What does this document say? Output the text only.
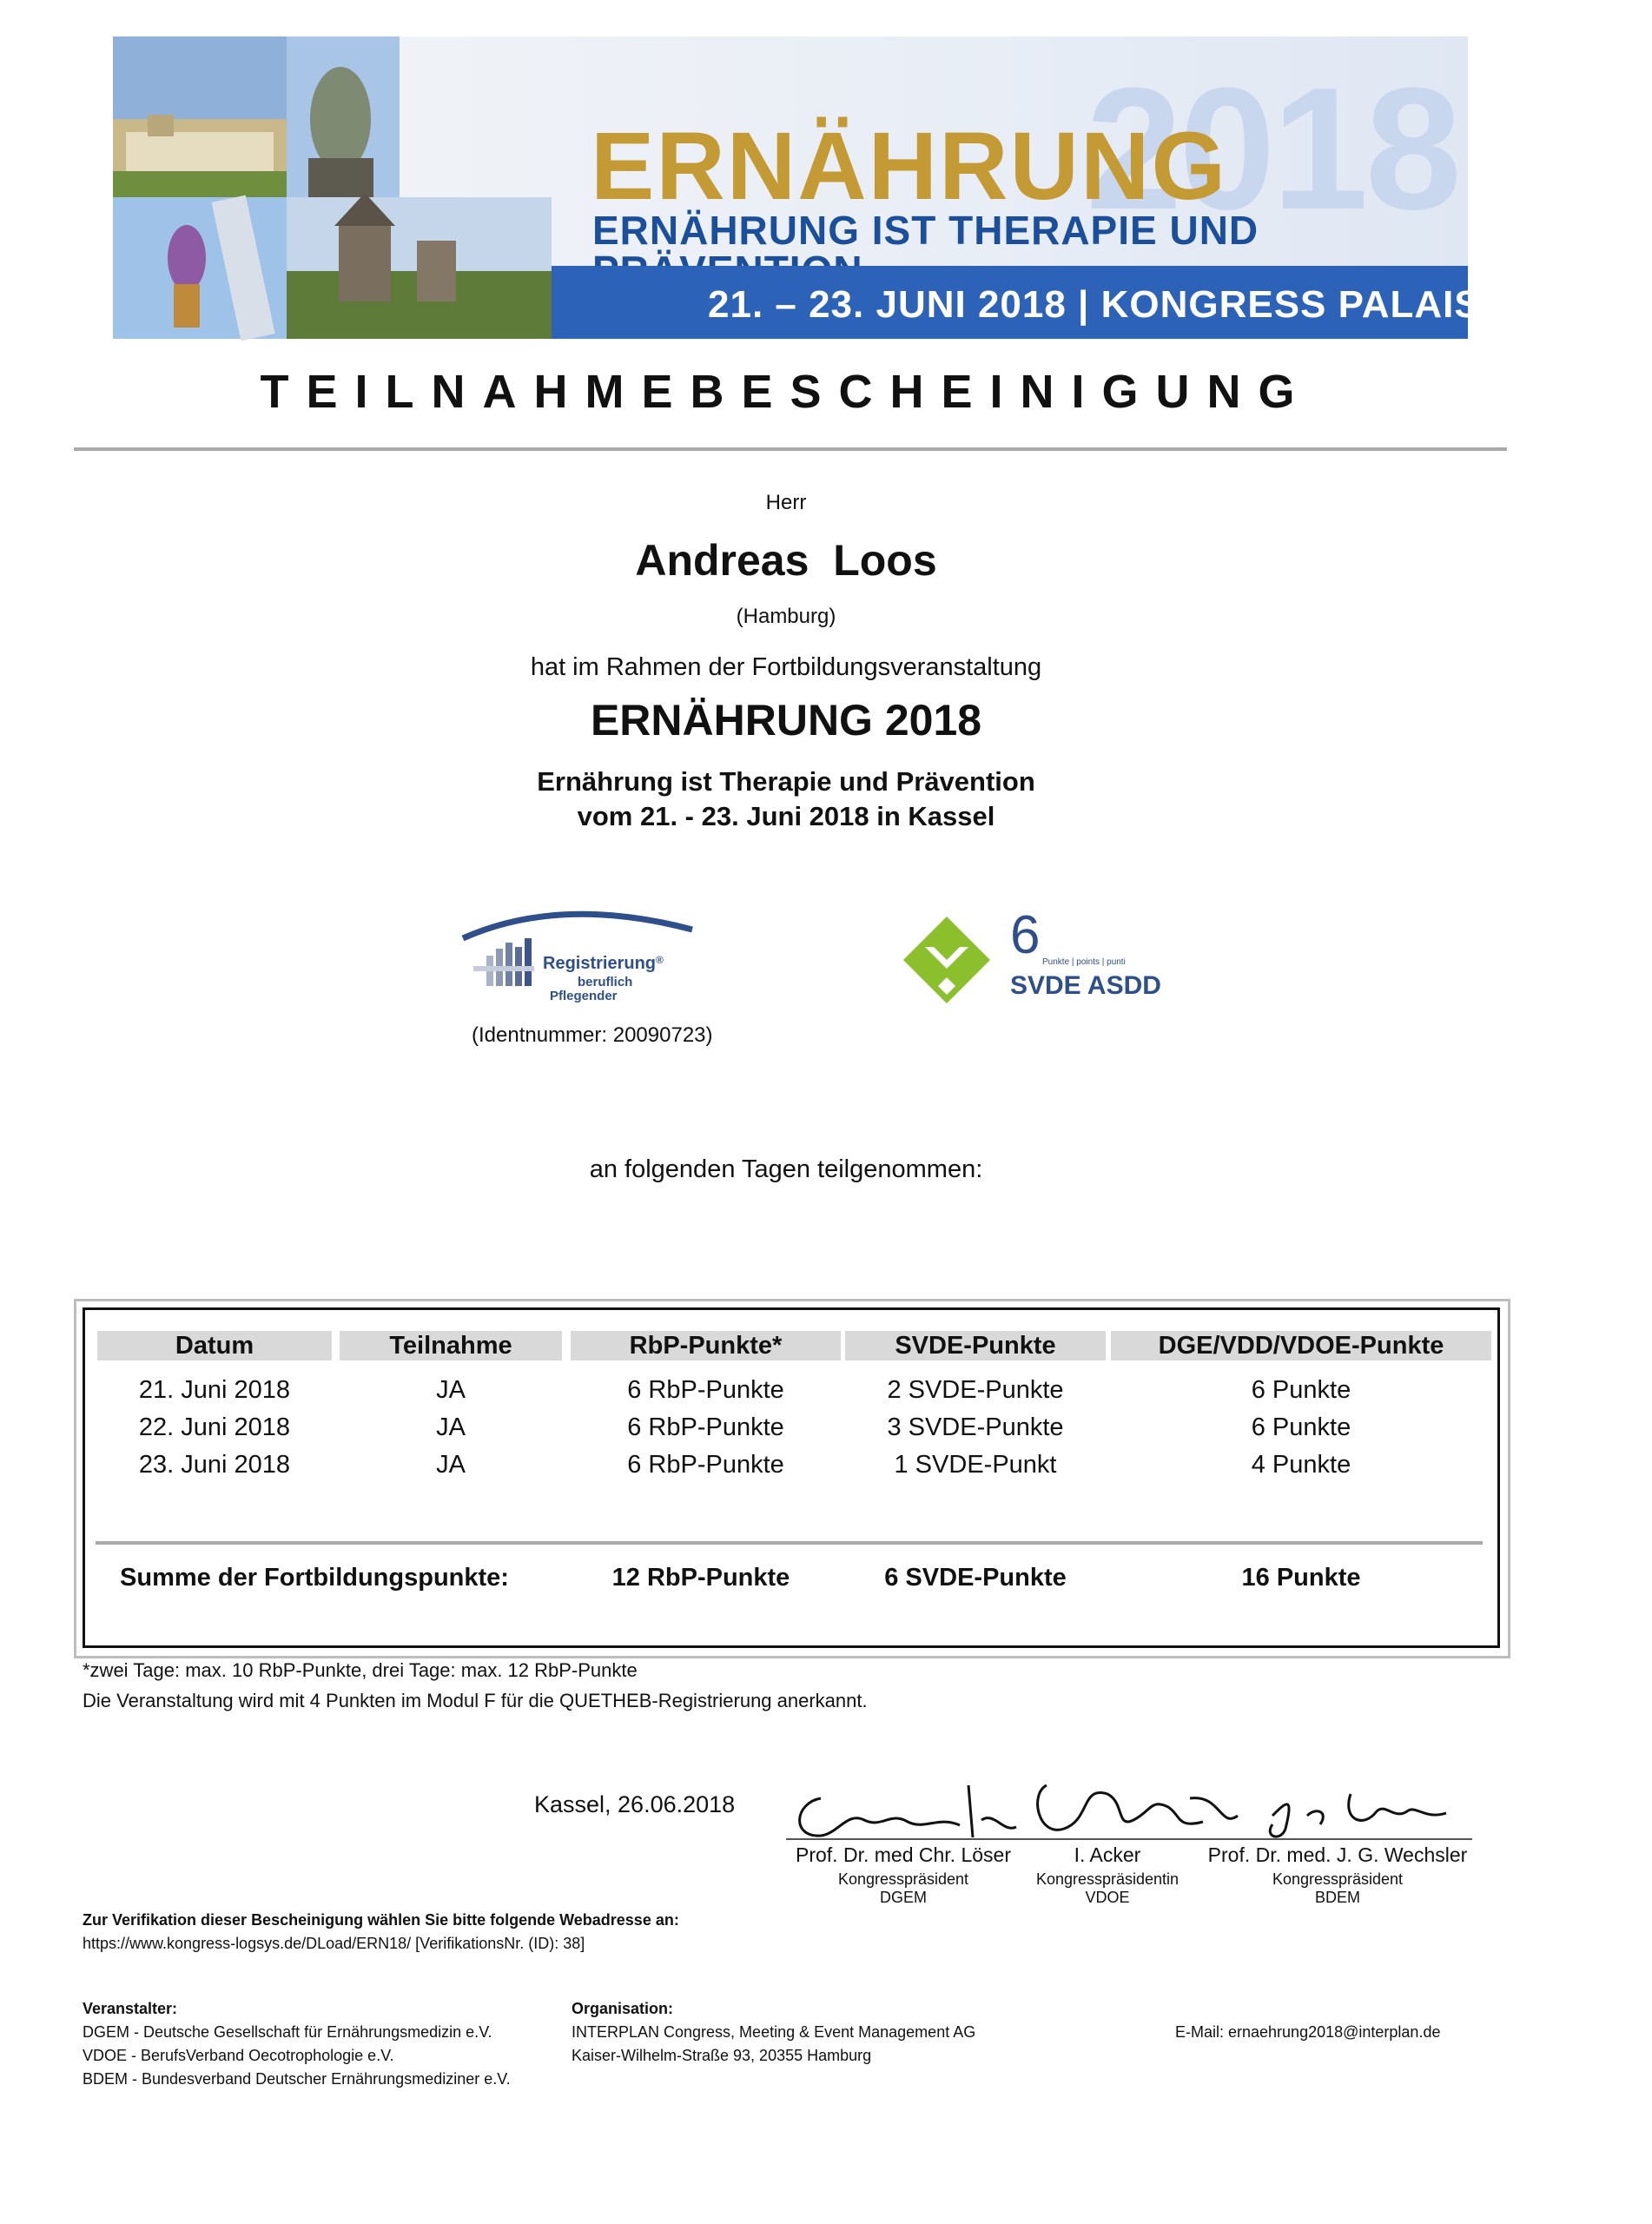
2018
ERNÄHRUNG
ERNÄHRUNG IST THERAPIE UND
21. – 23. JUNI 2018 | KONGRESS PALAIS KASSEL
TEILNAHMEBESCHEINIGUNG
Herr
Andreas  Loos
(Hamburg)
hat im Rahmen der Fortbildungsveranstaltung
ERNÄHRUNG 2018
Ernährung ist Therapie und Prävention
vom 21. - 23. Juni 2018 in Kassel
Registrierung®
beruflich
Pflegender
(Identnummer: 20090723)
6 Punkte | points | punti
SVDE ASDD
an folgenden Tagen teilgenommen:
Datum	Teilnahme	RbP-Punkte*	SVDE-Punkte	DGE/VDD/VDOE-Punkte
21. Juni 2018	JA	6 RbP-Punkte	2 SVDE-Punkte	6 Punkte
22. Juni 2018	JA	6 RbP-Punkte	3 SVDE-Punkte	6 Punkte
23. Juni 2018	JA	6 RbP-Punkte	1 SVDE-Punkt	4 Punkte
Summe der Fortbildungspunkte:	12 RbP-Punkte	6 SVDE-Punkte	16 Punkte
*zwei Tage: max. 10 RbP-Punkte, drei Tage: max. 12 RbP-Punkte
Die Veranstaltung wird mit 4 Punkten im Modul F für die QUETHEB-Registrierung anerkannt.
Kassel, 26.06.2018
Prof. Dr. med Chr. Löser
Kongresspräsident
DGEM
I. Acker
Kongresspräsidentin
VDOE
Prof. Dr. med. J. G. Wechsler
Kongresspräsident
BDEM
Zur Verifikation dieser Bescheinigung wählen Sie bitte folgende Webadresse an:
https://www.kongress-logsys.de/DLoad/ERN18/ [VerifikationsNr. (ID): 38]
Veranstalter:
DGEM - Deutsche Gesellschaft für Ernährungsmedizin e.V.
VDOE - BerufsVerband Oecotrophologie e.V.
BDEM - Bundesverband Deutscher Ernährungsmediziner e.V.
Organisation:
INTERPLAN Congress, Meeting & Event Management AG
Kaiser-Wilhelm-Straße 93, 20355 Hamburg
E-Mail: ernaehrung2018@interplan.de
